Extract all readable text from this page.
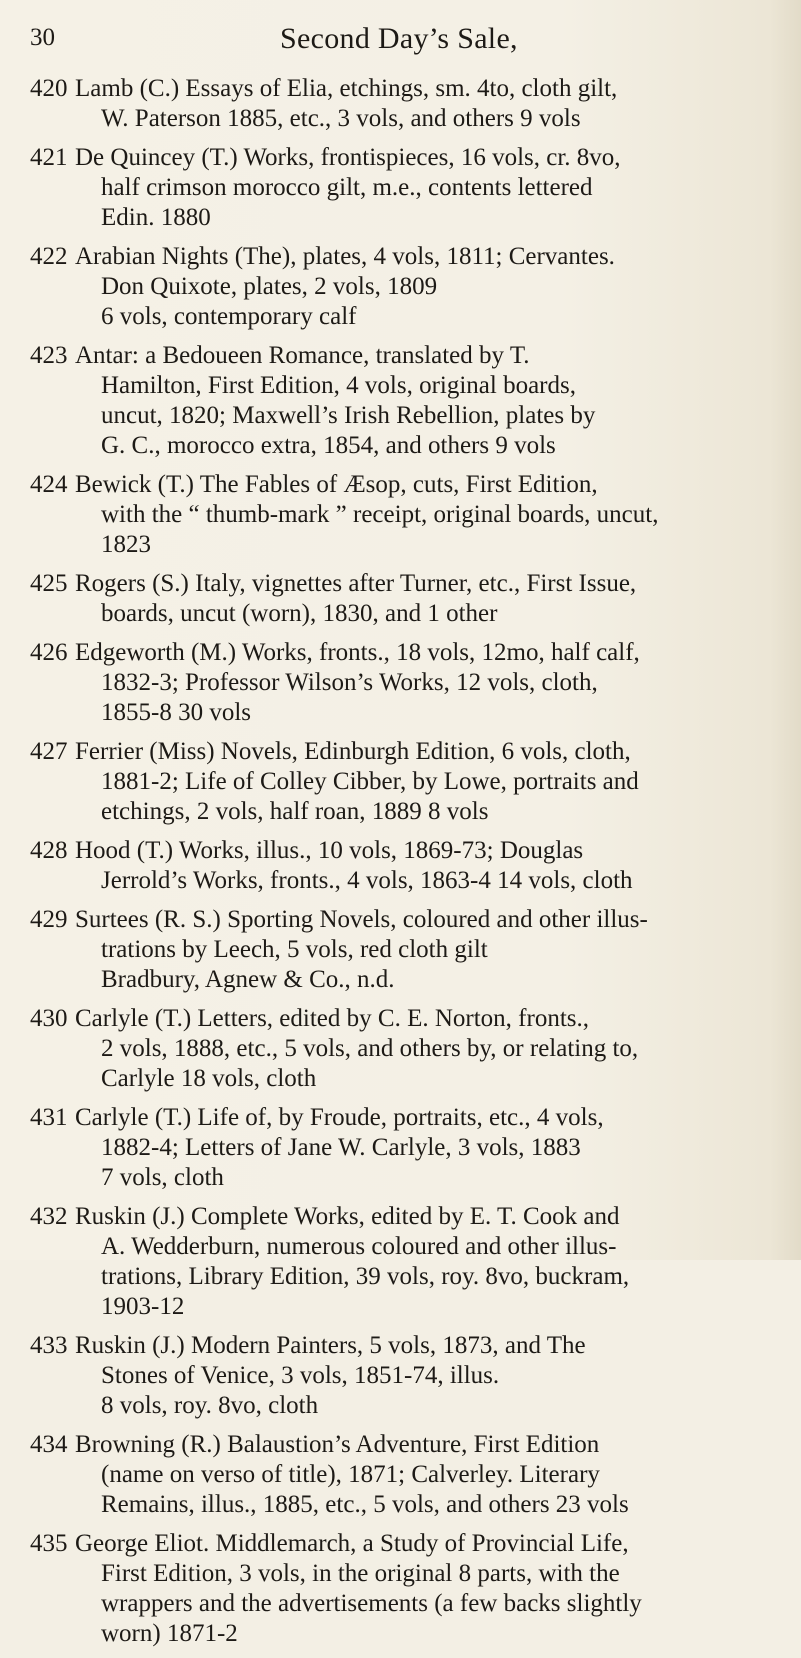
30	Second Day’s Sale,
420 Lamb (C.) Essays of Elia, etchings, sm. 4to, cloth gilt,
W. Paterson 1885, etc., 3 vols, and others 9 vols
421 De Quincey (T.) Works, frontispieces, 16 vols, cr. 8vo,
half crimson morocco gilt, m.e., contents lettered
Edin. 1880
422 Arabian Nights (The), plates, 4 vols, 1811; Cervantes.
Don Quixote, plates, 2 vols, 1809
6 vols, contemporary calf
423 Antar: a Bedoueen Romance, translated by T.
Hamilton, First Edition, 4 vols, original boards,
uncut, 1820; Maxwell’s Irish Rebellion, plates by
G. C., morocco extra, 1854, and others 9 vols
424 Bewick (T.) The Fables of Æsop, cuts, First Edition,
with the “ thumb-mark ” receipt, original boards, uncut,
1823
425 Rogers (S.) Italy, vignettes after Turner, etc., First Issue,
boards, uncut (worn), 1830, and 1 other
426 Edgeworth (M.) Works, fronts., 18 vols, 12mo, half calf,
1832-3; Professor Wilson’s Works, 12 vols, cloth,
1855-8 30 vols
427 Ferrier (Miss) Novels, Edinburgh Edition, 6 vols, cloth,
1881-2; Life of Colley Cibber, by Lowe, portraits and
etchings, 2 vols, half roan, 1889 8 vols
428 Hood (T.) Works, illus., 10 vols, 1869-73; Douglas
Jerrold’s Works, fronts., 4 vols, 1863-4 14 vols, cloth
429 Surtees (R. S.) Sporting Novels, coloured and other illus-
trations by Leech, 5 vols, red cloth gilt
Bradbury, Agnew & Co., n.d.
430 Carlyle (T.) Letters, edited by C. E. Norton, fronts.,
2 vols, 1888, etc., 5 vols, and others by, or relating to,
Carlyle 18 vols, cloth
431 Carlyle (T.) Life of, by Froude, portraits, etc., 4 vols,
1882-4; Letters of Jane W. Carlyle, 3 vols, 1883
7 vols, cloth
432 Ruskin (J.) Complete Works, edited by E. T. Cook and
A. Wedderburn, numerous coloured and other illus-
trations, Library Edition, 39 vols, roy. 8vo, buckram,
1903-12
433 Ruskin (J.) Modern Painters, 5 vols, 1873, and The
Stones of Venice, 3 vols, 1851-74, illus.
8 vols, roy. 8vo, cloth
434 Browning (R.) Balaustion’s Adventure, First Edition
(name on verso of title), 1871; Calverley. Literary
Remains, illus., 1885, etc., 5 vols, and others 23 vols
435 George Eliot. Middlemarch, a Study of Provincial Life,
First Edition, 3 vols, in the original 8 parts, with the
wrappers and the advertisements (a few backs slightly
worn) 1871-2
